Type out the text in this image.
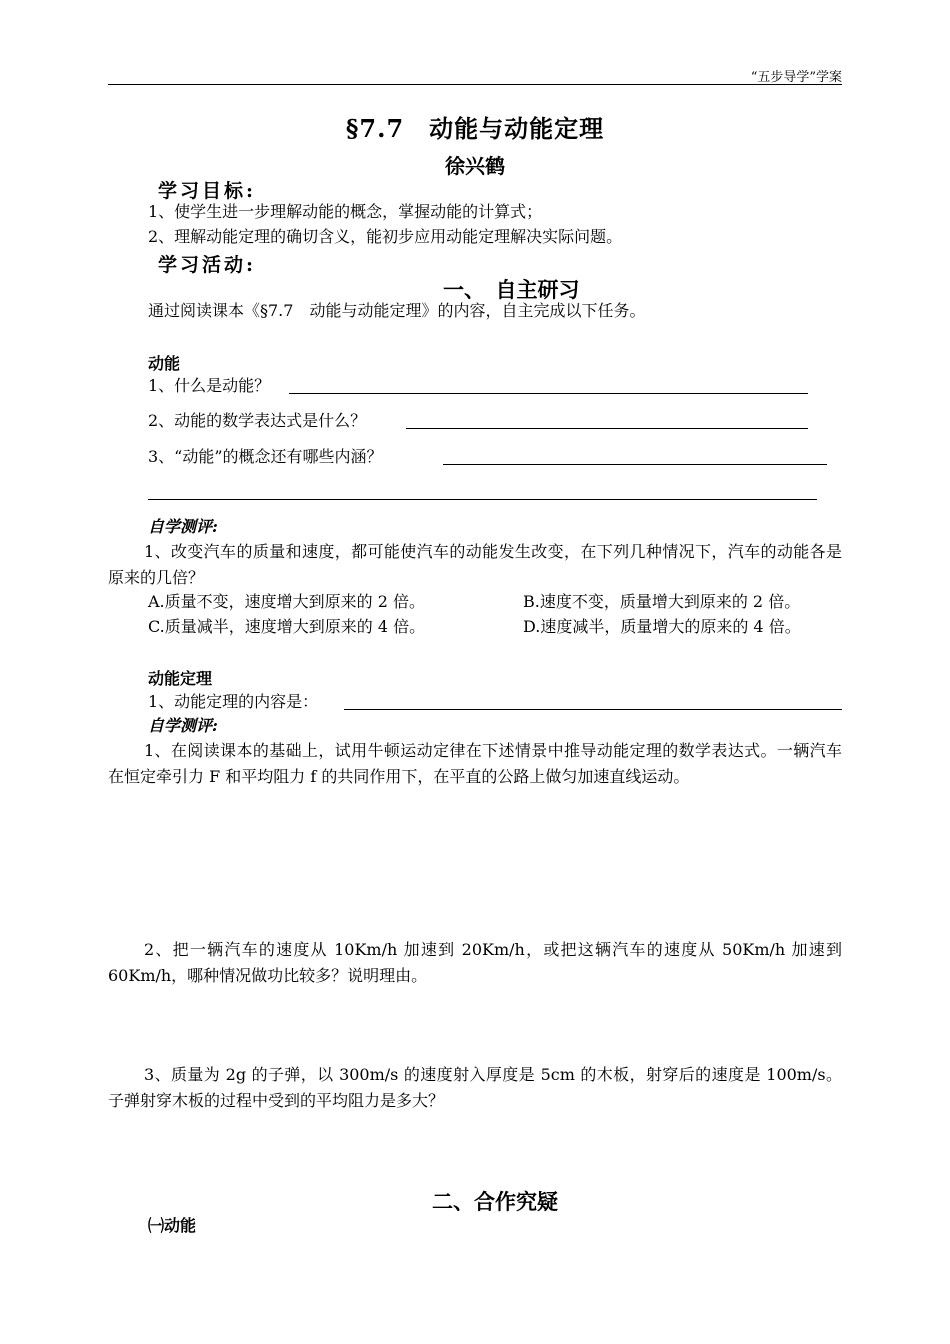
“五步导学”学案
§7.7　动能与动能定理
徐兴鹤
学习目标:
1、使学生进一步理解动能的概念，掌握动能的计算式；
2、理解动能定理的确切含义，能初步应用动能定理解决实际问题。
学习活动:
一、　自主研习
通过阅读课本《§7.7　动能与动能定理》的内容，自主完成以下任务。
动能
1、什么是动能？
2、动能的数学表达式是什么？
3、“动能”的概念还有哪些内涵？
自学测评:
1、改变汽车的质量和速度，都可能使汽车的动能发生改变，在下列几种情况下，汽车的动能各是原来的几倍？
A.质量不变，速度增大到原来的 2 倍。	B.速度不变，质量增大到原来的 2 倍。
C.质量减半，速度增大到原来的 4 倍。	D.速度减半，质量增大的原来的 4 倍。
动能定理
1、动能定理的内容是：
自学测评:
1、在阅读课本的基础上，试用牛顿运动定律在下述情景中推导动能定理的数学表达式。一辆汽车在恒定牵引力 F 和平均阻力 f 的共同作用下，在平直的公路上做匀加速直线运动。
2、把一辆汽车的速度从 10Km/h 加速到 20Km/h，或把这辆汽车的速度从 50Km/h 加速到 60Km/h，哪种情况做功比较多？说明理由。
3、质量为 2g 的子弹，以 300m/s 的速度射入厚度是 5cm 的木板，射穿后的速度是 100m/s。子弹射穿木板的过程中受到的平均阻力是多大？
二、合作究疑
㈠动能
